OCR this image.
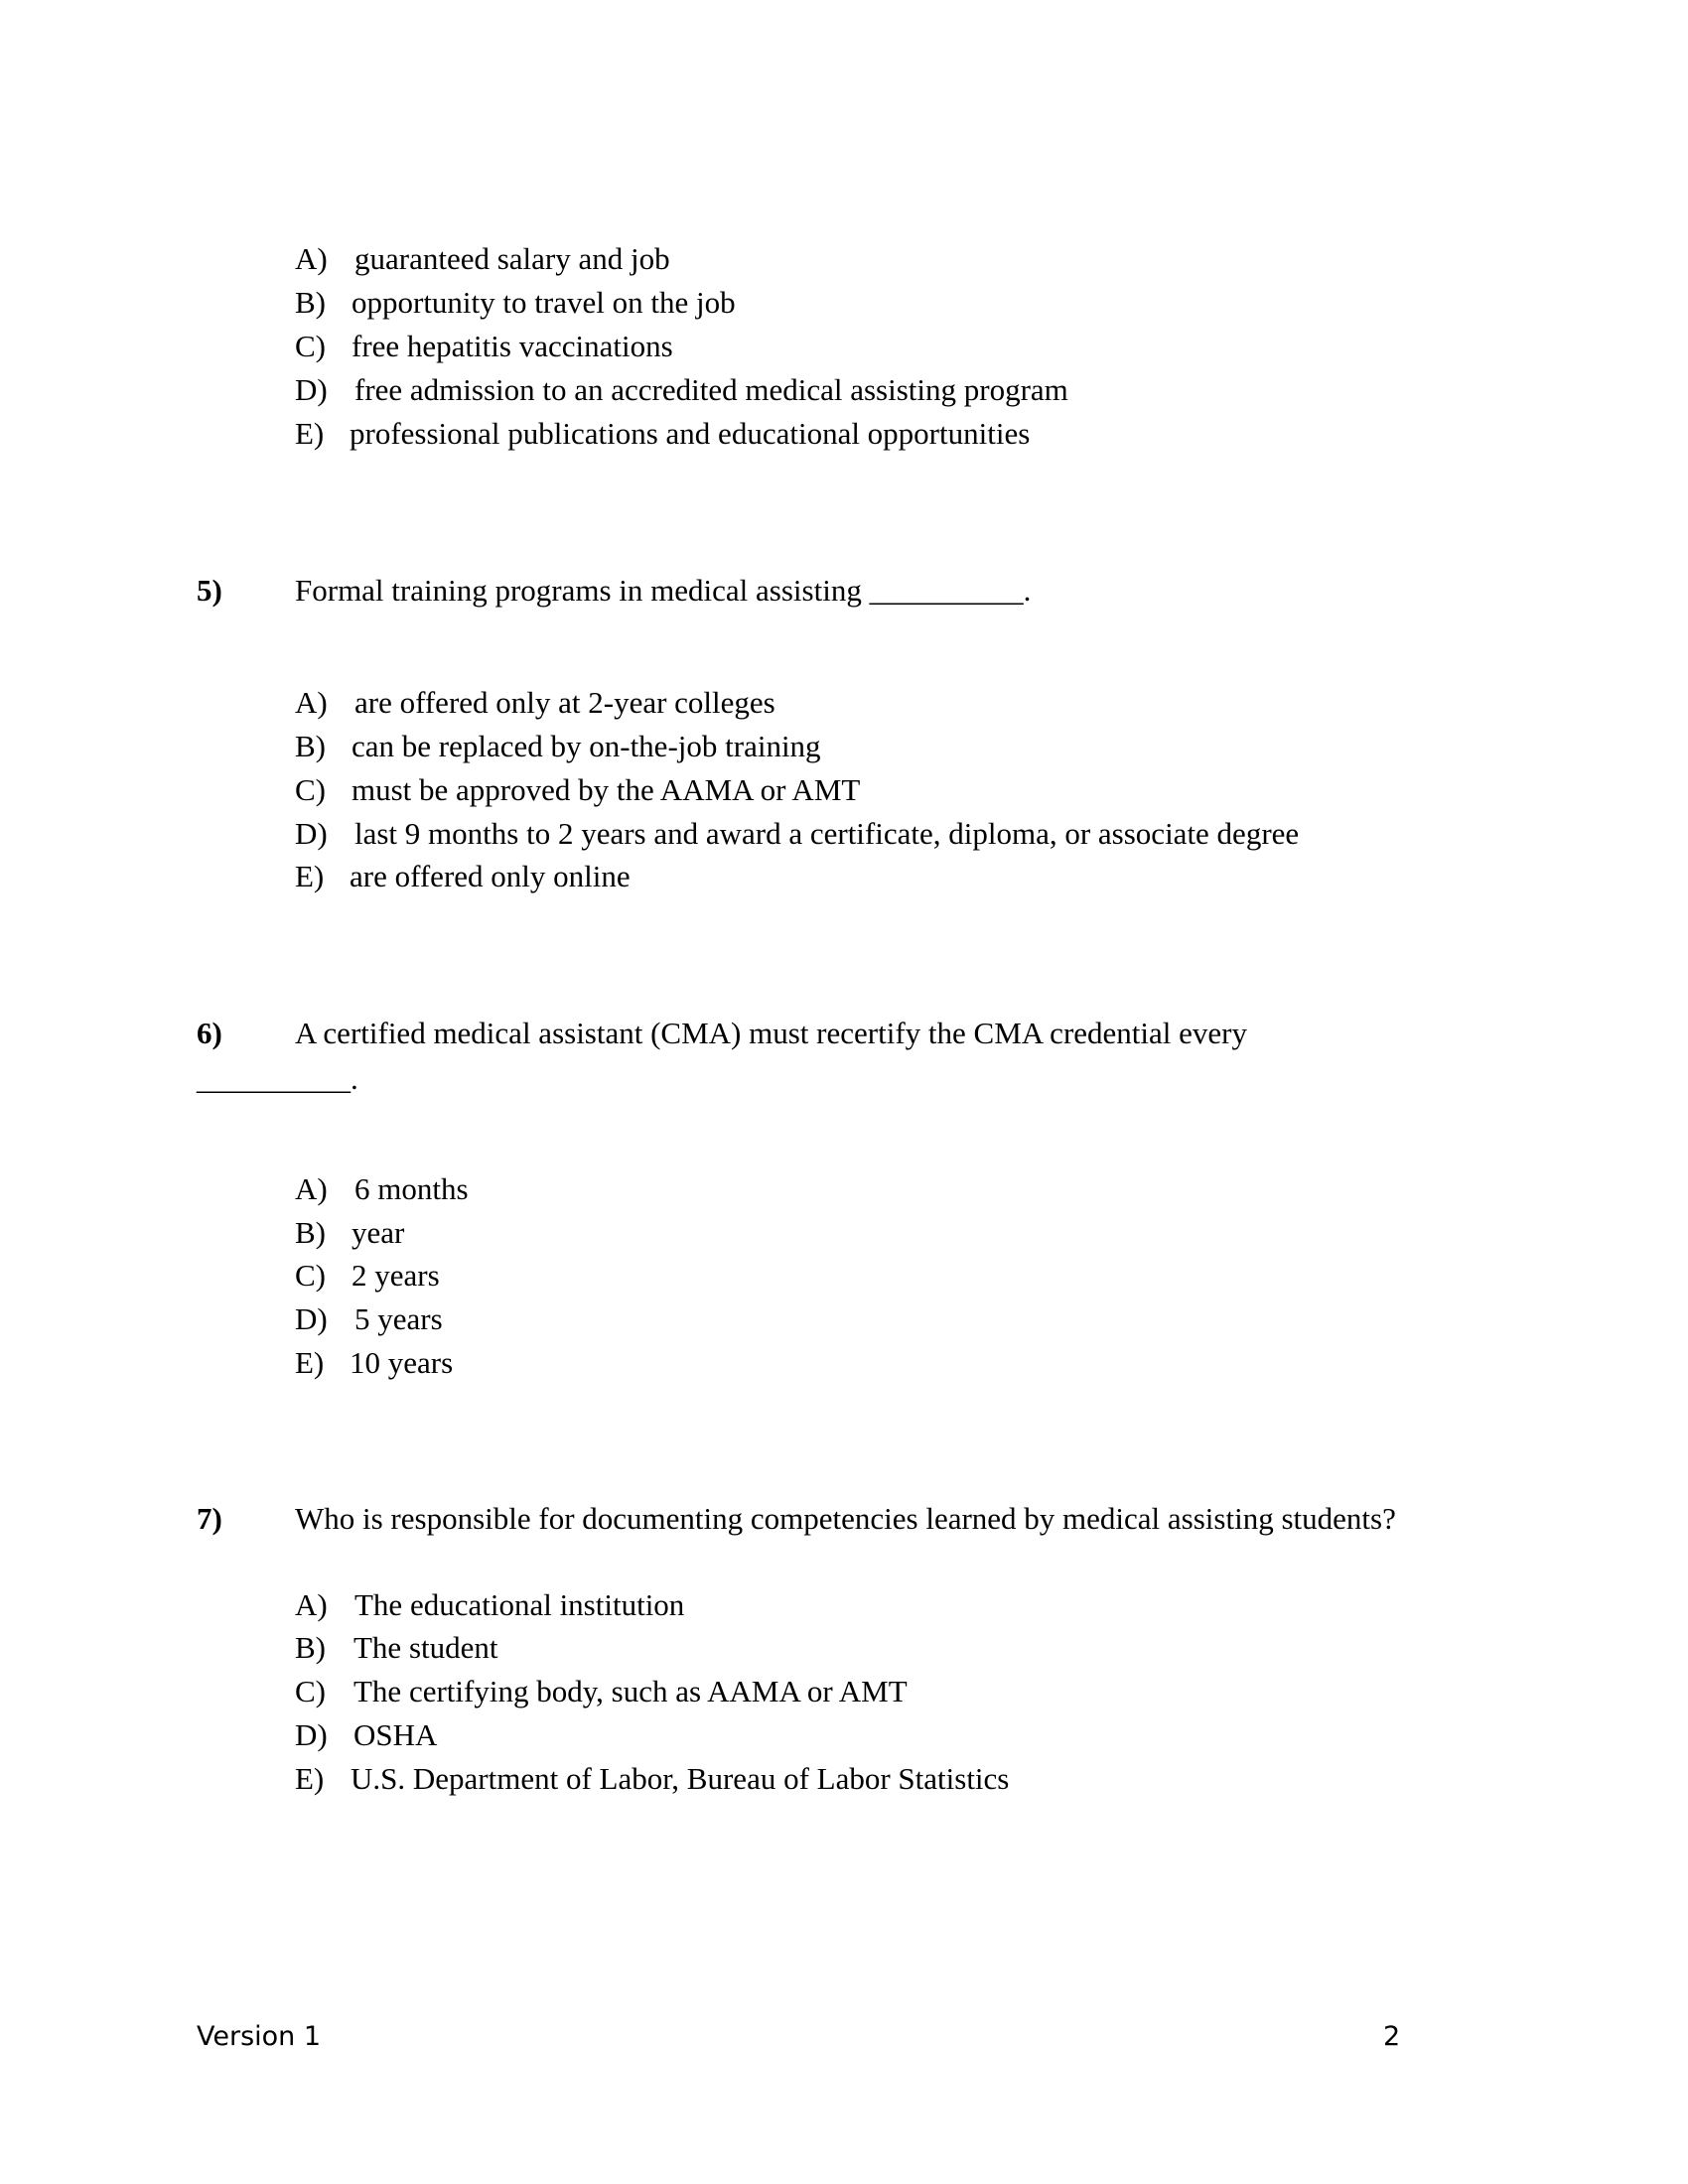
A) guaranteed salary and job
B) opportunity to travel on the job
C) free hepatitis vaccinations
D) free admission to an accredited medical assisting program
E) professional publications and educational opportunities
5) Formal training programs in medical assisting __________.
A) are offered only at 2-year colleges
B) can be replaced by on-the-job training
C) must be approved by the AAMA or AMT
D) last 9 months to 2 years and award a certificate, diploma, or associate degree
E) are offered only online
6) A certified medical assistant (CMA) must recertify the CMA credential every
__________.
A) 6 months
B) year
C) 2 years
D) 5 years
E) 10 years
7) Who is responsible for documenting competencies learned by medical assisting students?
A) The educational institution
B) The student
C) The certifying body, such as AAMA or AMT
D) OSHA
E) U.S. Department of Labor, Bureau of Labor Statistics
Version 1	2
